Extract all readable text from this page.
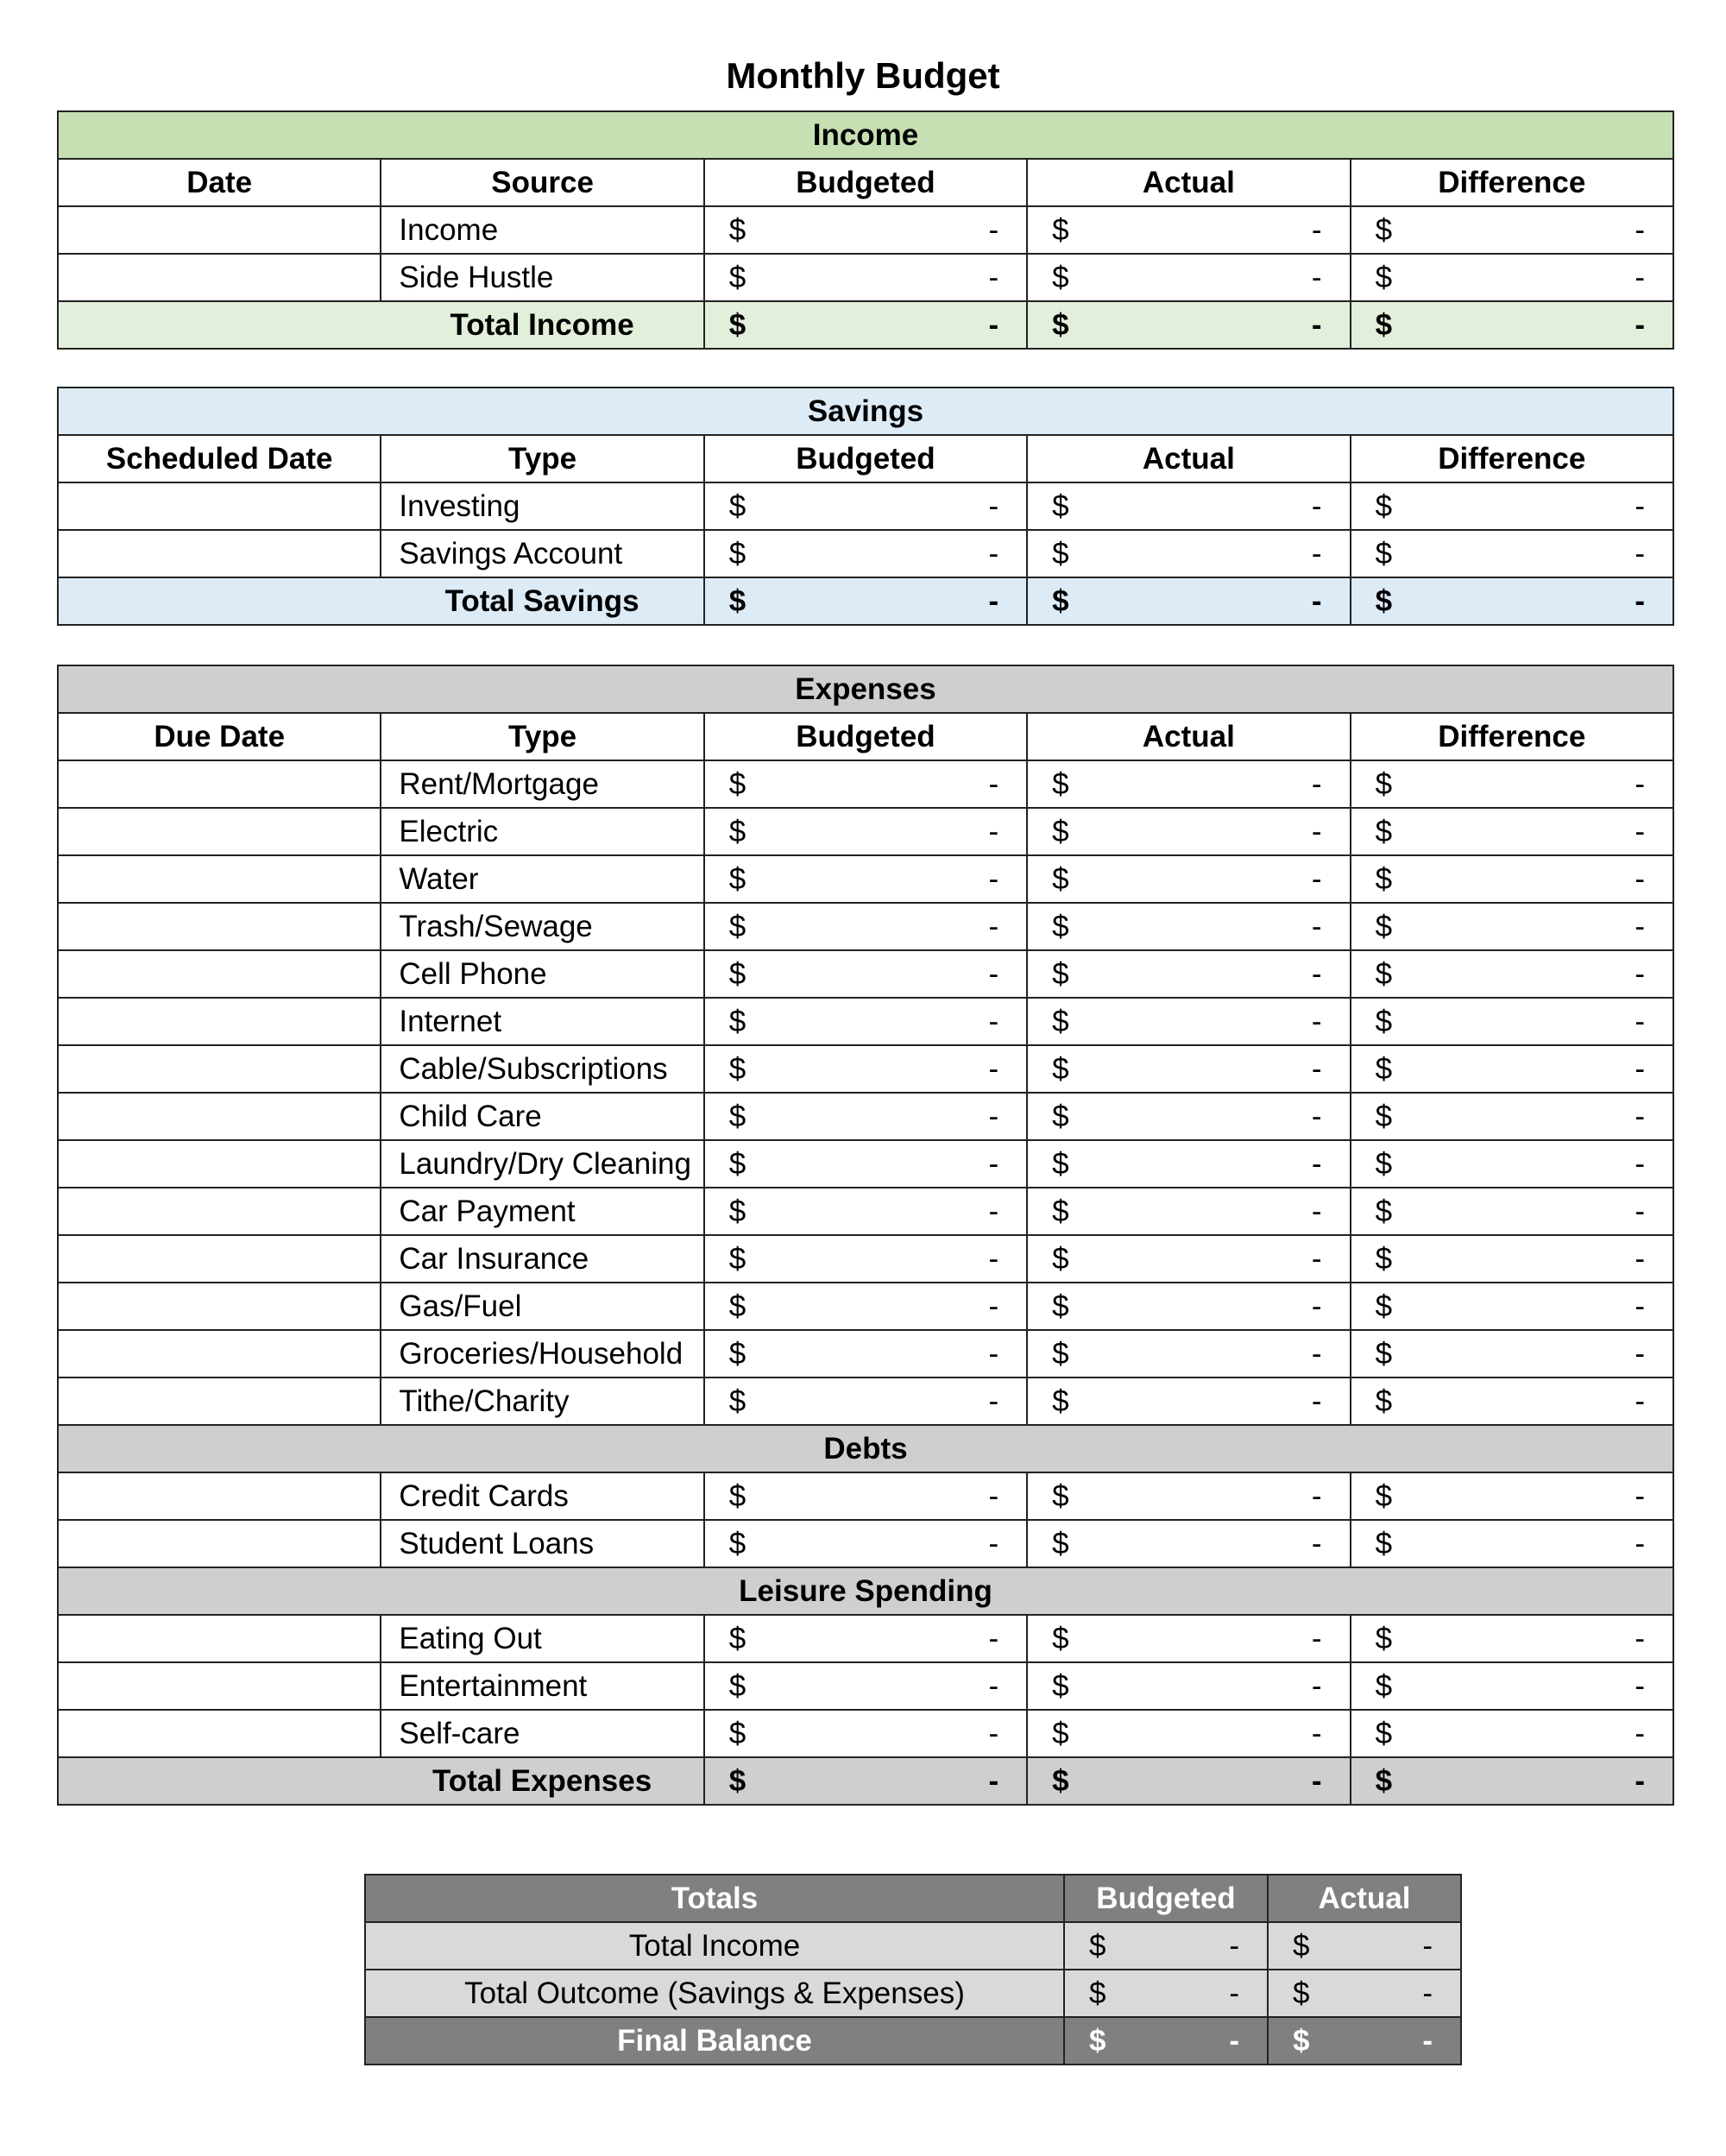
Monthly Budget
Income				
Date	Source	Budgeted	Actual	Difference
	Income	$ -	$ -	$ -

	Side Hustle	$ -	$ -	$ -

	Total Income	$ -	$ -	$ -
Savings				
Scheduled Date	Type	Budgeted	Actual	Difference
	Investing	$ -	$ -	$ -

	Savings Account	$ -	$ -	$ -

	Total Savings	$ -	$ -	$ -
Expenses				
Due Date	Type	Budgeted	Actual	Difference
	Rent/Mortgage	$ -	$ -	$ -

	Electric	$ -	$ -	$ -

	Water	$ -	$ -	$ -

	Trash/Sewage	$ -	$ -	$ -

	Cell Phone	$ -	$ -	$ -

	Internet	$ -	$ -	$ -

	Cable/Subscriptions	$ -	$ -	$ -

	Child Care	$ -	$ -	$ -

	Laundry/Dry Cleaning	$ -	$ -	$ -

	Car Payment	$ -	$ -	$ -

	Car Insurance	$ -	$ -	$ -

	Gas/Fuel	$ -	$ -	$ -

	Groceries/Household	$ -	$ -	$ -

	Tithe/Charity	$ -	$ -	$ -

Debts				
	Credit Cards	$ -	$ -	$ -

	Student Loans	$ -	$ -	$ -

Leisure Spending				
	Eating Out	$ -	$ -	$ -

	Entertainment	$ -	$ -	$ -

	Self-care	$ -	$ -	$ -

	Total Expenses	$ -	$ -	$ -
Totals	Budgeted	Actual
Total Income	$ -	$ -

Total Outcome (Savings & Expenses)	$ -	$ -

Final Balance	$ -	$ -
